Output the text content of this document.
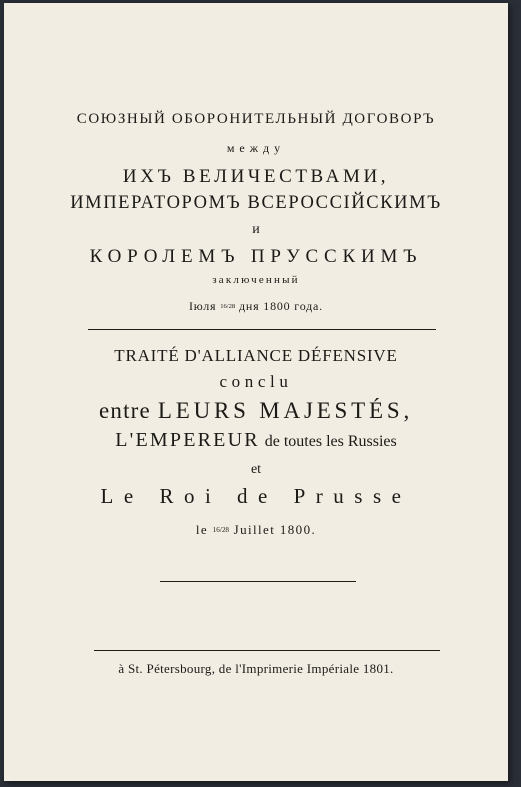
СОЮЗНЫЙ ОБОРОНИТЕЛЬНЫЙ ДОГОВОРЪ
между
ИХЪ ВЕЛИЧЕСТВАМИ,
ИМПЕРАТОРОМЪ ВСЕРОССІЙСКИМЪ
и
КОРОЛЕМЪ ПРУССКИМЪ
заключенный
Іюля 16/28 дня 1800 года.
TRAITÉ D'ALLIANCE DÉFENSIVE
conclu
entre LEURS MAJESTÉS,
L'EMPEREUR de toutes les Russies
et
Le Roi de Prusse
le 16/28 Juillet 1800.
à St. Pétersbourg, de l'Imprimerie Impériale 1801.
